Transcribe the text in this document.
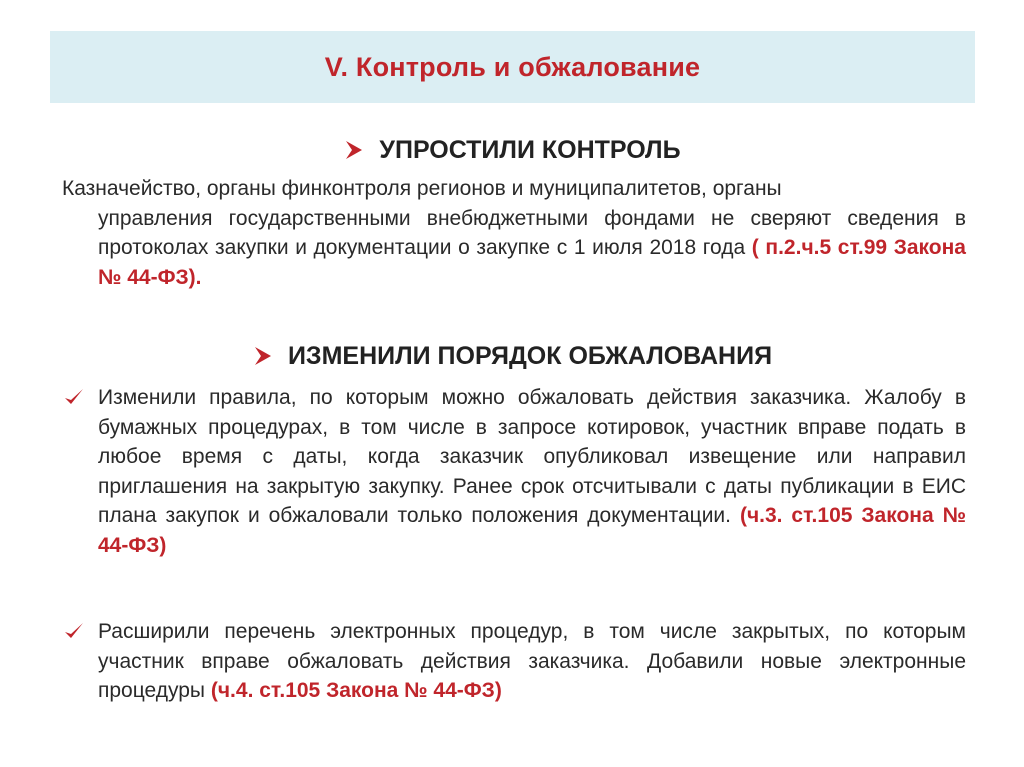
V. Контроль и обжалование
УПРОСТИЛИ КОНТРОЛЬ
Казначейство, органы финконтроля регионов и муниципалитетов, органы
управления государственными внебюджетными фондами не сверяют сведения в протоколах закупки и документации о закупке с 1 июля 2018 года ( п.2.ч.5 ст.99 Закона № 44-ФЗ).
ИЗМЕНИЛИ ПОРЯДОК ОБЖАЛОВАНИЯ
Изменили правила, по которым можно обжаловать действия заказчика. Жалобу в бумажных процедурах, в том числе в запросе котировок, участник вправе подать в любое время с даты, когда заказчик опубликовал извещение или направил приглашения на закрытую закупку. Ранее срок отсчитывали с даты публикации в ЕИС плана закупок и обжаловали только положения документации. (ч.3. ст.105 Закона № 44-ФЗ)
Расширили перечень электронных процедур, в том числе закрытых, по которым участник вправе обжаловать действия заказчика. Добавили новые электронные процедуры (ч.4. ст.105 Закона № 44-ФЗ)
